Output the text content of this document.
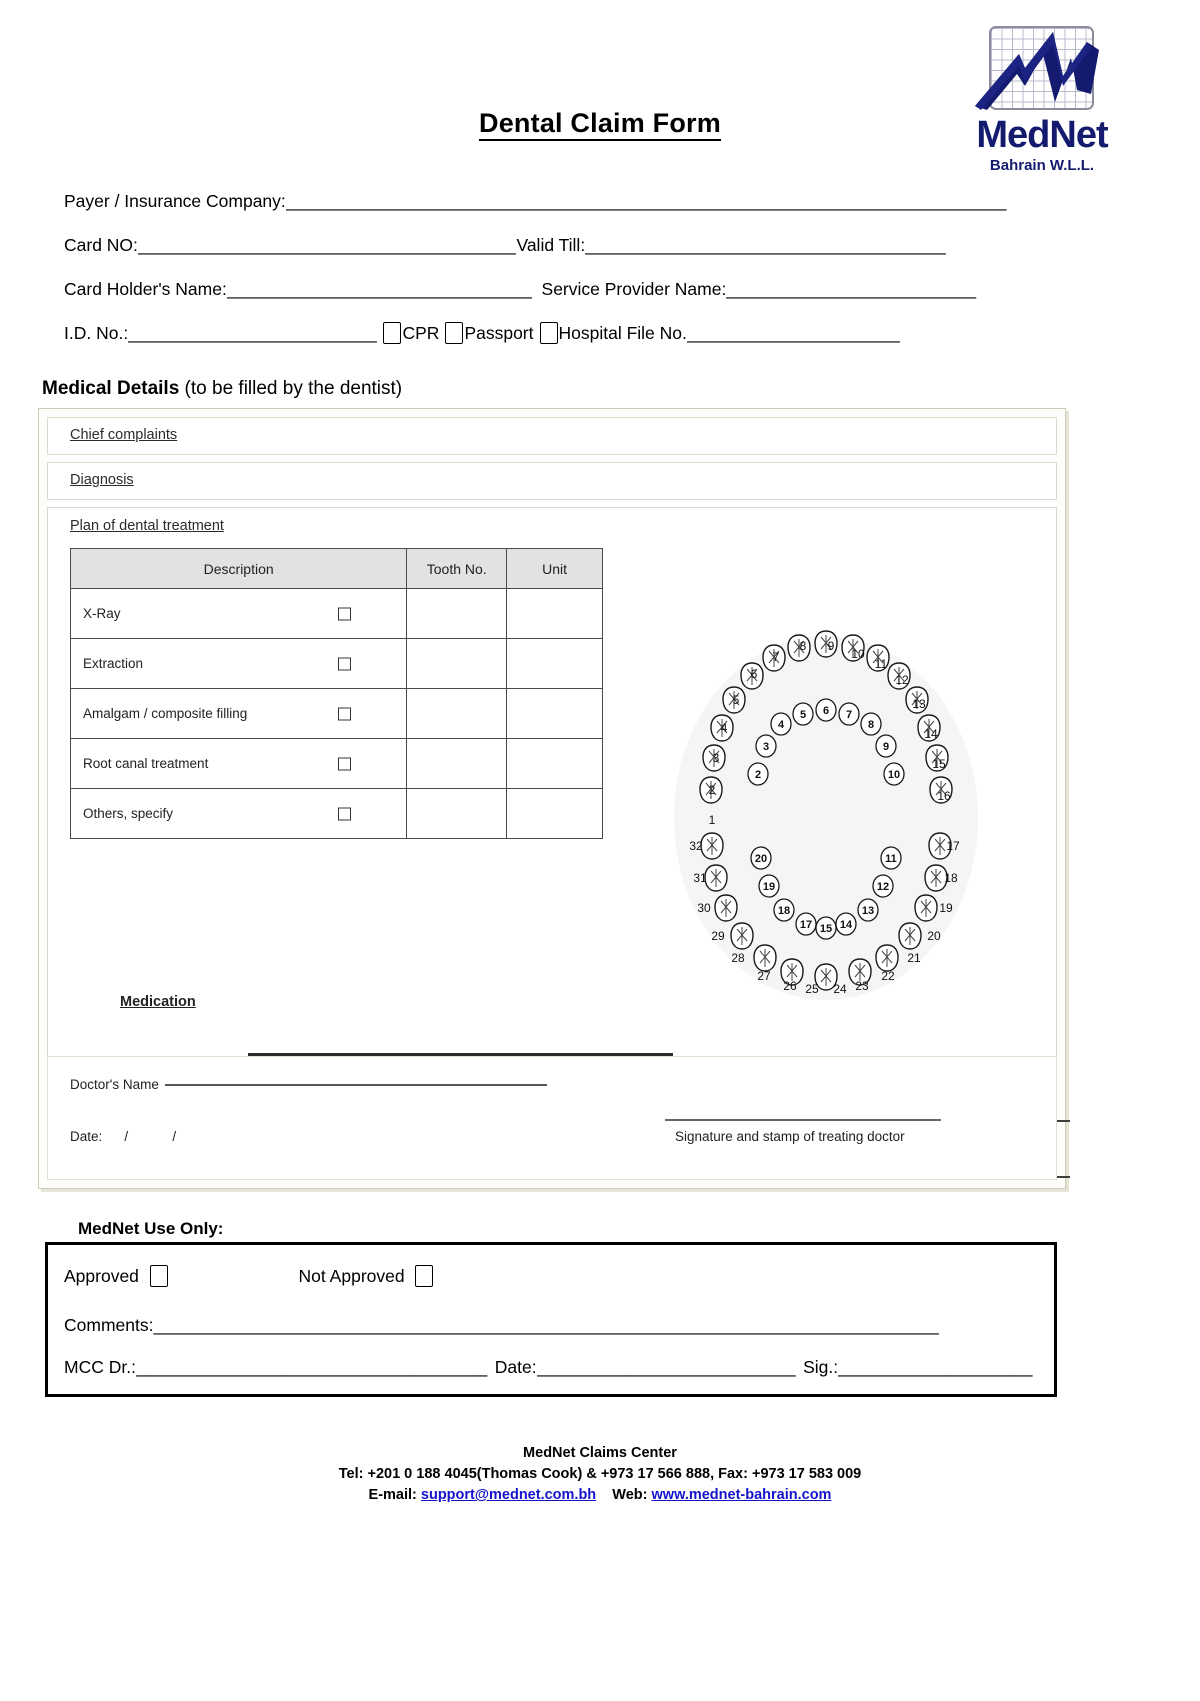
MedNet
Bahrain W.L.L.
Dental Claim Form
Payer / Insurance Company: ______________________________________________________________________________
Card NO: _________________________________________ Valid Till: _______________________________________
Card Holder's Name: _________________________________ Service Provider Name: ___________________________
I.D. No.: ___________________________ CPR Passport Hospital File No. _______________________
Medical Details (to be filled by the dentist)
Chief complaints
Diagnosis
Plan of dental treatment
Description	Tooth No.	Unit
X-Ray

Extraction

Amalgam / composite filling

Root canal treatment

Others, specify

Medication
6
7
8 9
10
5
11
4
12
3
13
2
14
1
15
16
32	17
31	18
30	19
29	20
28	21
27	22
26	23
25 24
5 6 7
8
4
3	9
2	10
20	11
19	12
18	13
17	14
15
Doctor's Name
Date: /	/	Signature and stamp of treating doctor
MedNet Use Only:
Approved	Not Approved
Comments: _____________________________________________________________________________________
MCC Dr.: ______________________________________ Date: ____________________________ Sig.: _____________________
MedNet Claims Center
Tel: +201 0 188 4045(Thomas Cook) & +973 17 566 888, Fax: +973 17 583 009
E-mail: support@mednet.com.bh Web: www.mednet-bahrain.com
